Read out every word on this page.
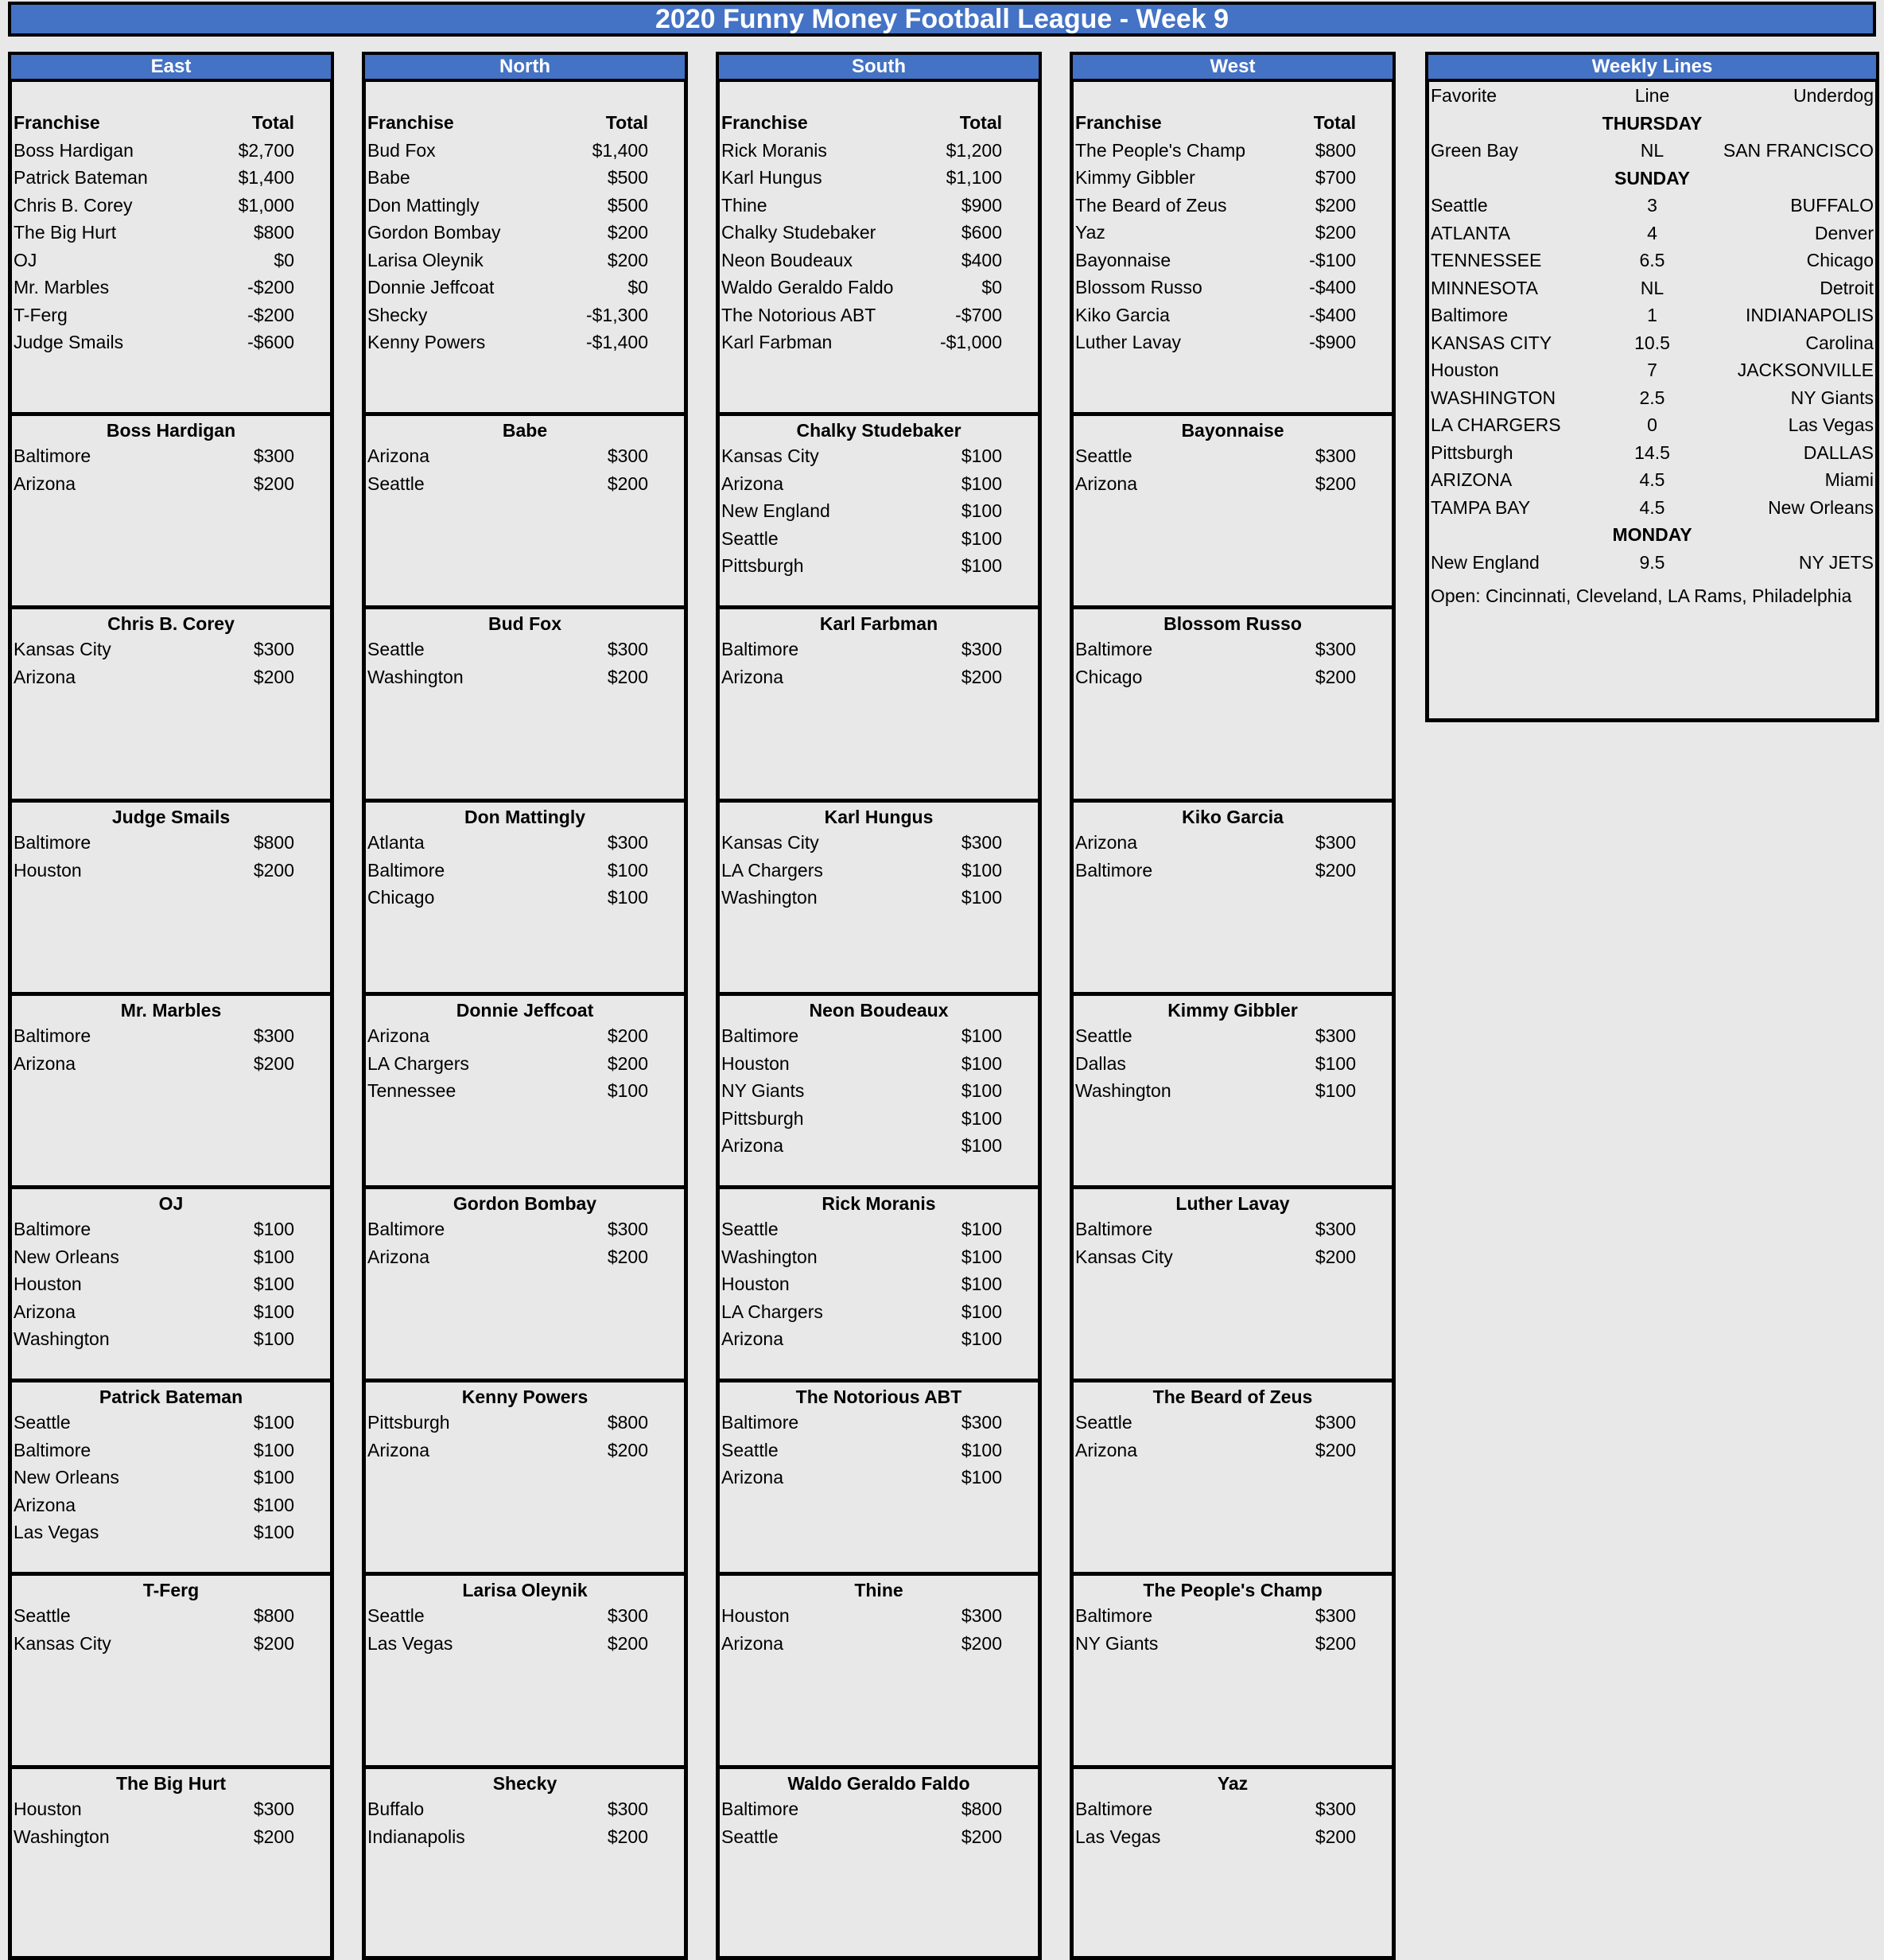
2020 Funny Money Football League - Week 9
East
Franchise	Total
Boss Hardigan	$2,700
Patrick Bateman	$1,400
Chris B. Corey	$1,000
The Big Hurt	$800
OJ	$0
Mr. Marbles	-$200
T-Ferg	-$200
Judge Smails	-$600
Boss Hardigan
Baltimore	$300
Arizona	$200
Chris B. Corey
Kansas City	$300
Arizona	$200
Judge Smails
Baltimore	$800
Houston	$200
Mr. Marbles
Baltimore	$300
Arizona	$200
OJ
Baltimore	$100
New Orleans	$100
Houston	$100
Arizona	$100
Washington	$100
Patrick Bateman
Seattle	$100
Baltimore	$100
New Orleans	$100
Arizona	$100
Las Vegas	$100
T-Ferg
Seattle	$800
Kansas City	$200
The Big Hurt
Houston	$300
Washington	$200
North
Franchise	Total
Bud Fox	$1,400
Babe	$500
Don Mattingly	$500
Gordon Bombay	$200
Larisa Oleynik	$200
Donnie Jeffcoat	$0
Shecky	-$1,300
Kenny Powers	-$1,400
Babe
Arizona	$300
Seattle	$200
Bud Fox
Seattle	$300
Washington	$200
Don Mattingly
Atlanta	$300
Baltimore	$100
Chicago	$100
Donnie Jeffcoat
Arizona	$200
LA Chargers	$200
Tennessee	$100
Gordon Bombay
Baltimore	$300
Arizona	$200
Kenny Powers
Pittsburgh	$800
Arizona	$200
Larisa Oleynik
Seattle	$300
Las Vegas	$200
Shecky
Buffalo	$300
Indianapolis	$200
South
Franchise	Total
Rick Moranis	$1,200
Karl Hungus	$1,100
Thine	$900
Chalky Studebaker	$600
Neon Boudeaux	$400
Waldo Geraldo Faldo	$0
The Notorious ABT	-$700
Karl Farbman	-$1,000
Chalky Studebaker
Kansas City	$100
Arizona	$100
New England	$100
Seattle	$100
Pittsburgh	$100
Karl Farbman
Baltimore	$300
Arizona	$200
Karl Hungus
Kansas City	$300
LA Chargers	$100
Washington	$100
Neon Boudeaux
Baltimore	$100
Houston	$100
NY Giants	$100
Pittsburgh	$100
Arizona	$100
Rick Moranis
Seattle	$100
Washington	$100
Houston	$100
LA Chargers	$100
Arizona	$100
The Notorious ABT
Baltimore	$300
Seattle	$100
Arizona	$100
Thine
Houston	$300
Arizona	$200
Waldo Geraldo Faldo
Baltimore	$800
Seattle	$200
West
Franchise	Total
The People's Champ	$800
Kimmy Gibbler	$700
The Beard of Zeus	$200
Yaz	$200
Bayonnaise	-$100
Blossom Russo	-$400
Kiko Garcia	-$400
Luther Lavay	-$900
Bayonnaise
Seattle	$300
Arizona	$200
Blossom Russo
Baltimore	$300
Chicago	$200
Kiko Garcia
Arizona	$300
Baltimore	$200
Kimmy Gibbler
Seattle	$300
Dallas	$100
Washington	$100
Luther Lavay
Baltimore	$300
Kansas City	$200
The Beard of Zeus
Seattle	$300
Arizona	$200
The People's Champ
Baltimore	$300
NY Giants	$200
Yaz
Baltimore	$300
Las Vegas	$200
Weekly Lines
Favorite	Line	Underdog
THURSDAY
Green Bay	NL	SAN FRANCISCO
SUNDAY
Seattle	3	BUFFALO
ATLANTA	4	Denver
TENNESSEE	6.5	Chicago
MINNESOTA	NL	Detroit
Baltimore	1	INDIANAPOLIS
KANSAS CITY	10.5	Carolina
Houston	7	JACKSONVILLE
WASHINGTON	2.5	NY Giants
LA CHARGERS	0	Las Vegas
Pittsburgh	14.5	DALLAS
ARIZONA	4.5	Miami
TAMPA BAY	4.5	New Orleans
MONDAY
New England	9.5	NY JETS
Open: Cincinnati, Cleveland, LA Rams, Philadelphia
